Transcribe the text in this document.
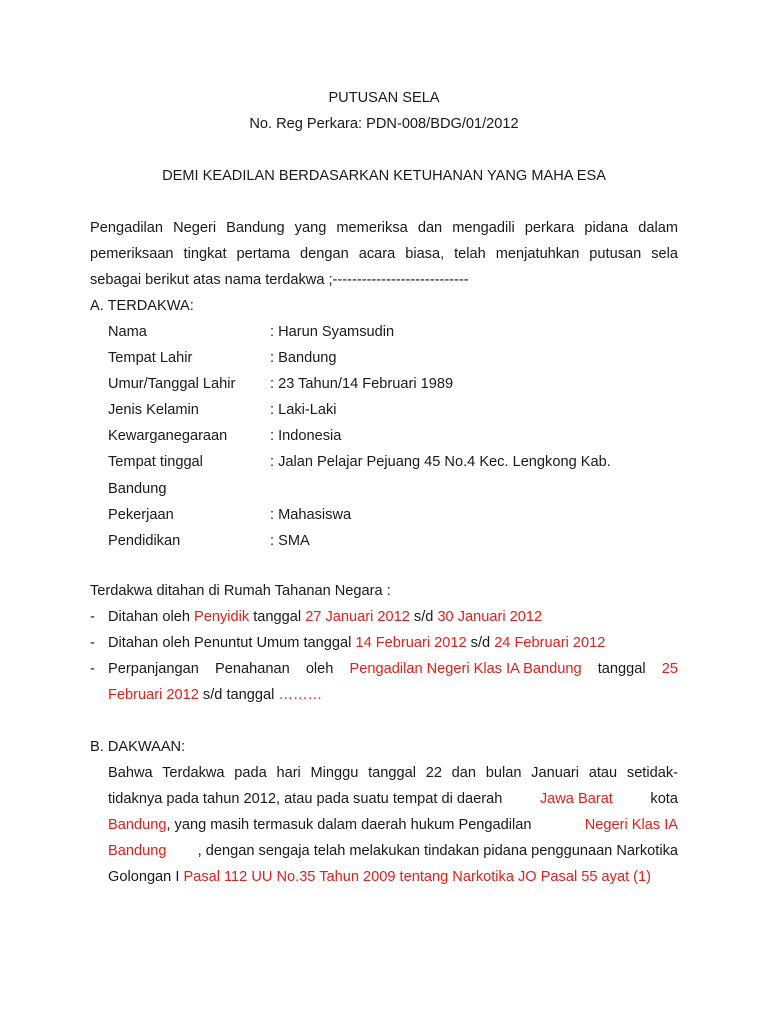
PUTUSAN SELA
No. Reg Perkara: PDN-008/BDG/01/2012
DEMI KEADILAN BERDASARKAN KETUHANAN YANG MAHA ESA
Pengadilan Negeri Bandung yang memeriksa dan mengadili perkara pidana dalam
pemeriksaan tingkat pertama dengan acara biasa, telah menjatuhkan putusan sela
sebagai berikut atas nama terdakwa ;----------------------------
A. TERDAKWA:
Nama	: Harun Syamsudin
Tempat Lahir	: Bandung
Umur/Tanggal Lahir : 23 Tahun/14 Februari 1989
Jenis Kelamin	: Laki-Laki
Kewarganegaraan	: Indonesia
Tempat tinggal	: Jalan Pelajar Pejuang 45 No.4 Kec. Lengkong Kab.
Bandung
Pekerjaan	: Mahasiswa
Pendidikan	: SMA
Terdakwa ditahan di Rumah Tahanan Negara :
- Ditahan oleh Penyidik tanggal 27 Januari 2012 s/d 30 Januari 2012
- Ditahan oleh Penuntut Umum tanggal 14 Februari 2012 s/d 24 Februari 2012
- Perpanjangan Penahanan oleh Pengadilan Negeri Klas IA Bandung tanggal 25
Februari 2012 s/d tanggal ………
B. DAKWAAN:
Bahwa Terdakwa pada hari Minggu tanggal 22 dan bulan Januari atau setidak-
tidaknya pada tahun 2012, atau pada suatu tempat di daerah	Jawa Barat	kota
Bandung, yang masih termasuk dalam daerah hukum Pengadilan	Negeri Klas IA
Bandung , dengan sengaja telah melakukan tindakan pidana penggunaan Narkotika
Golongan I Pasal 112 UU No.35 Tahun 2009 tentang Narkotika JO Pasal 55 ayat (1)
